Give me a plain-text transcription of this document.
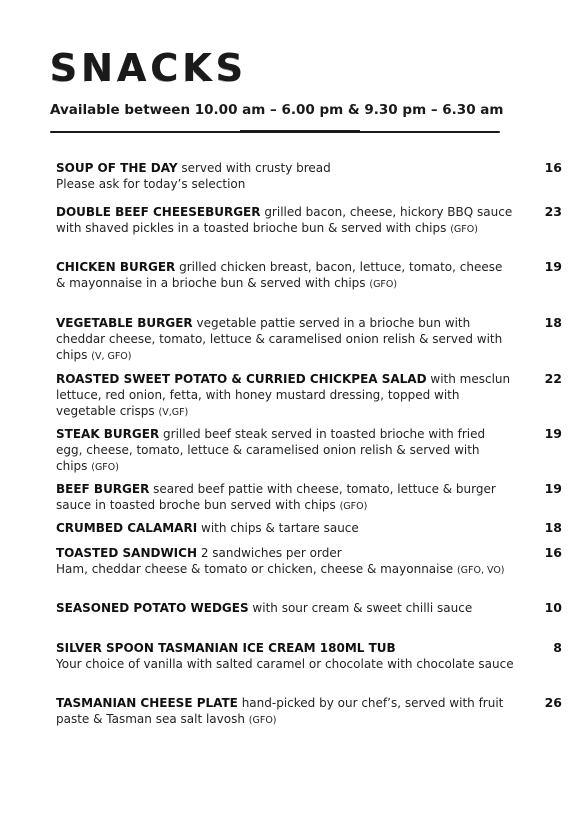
SNACKS
Available between 10.00 am – 6.00 pm & 9.30 pm – 6.30 am
SOUP OF THE DAY served with crusty bread
Please ask for today’s selection
16
DOUBLE BEEF CHEESEBURGER grilled bacon, cheese, hickory BBQ sauce with shaved pickles in a toasted brioche bun & served with chips (GFO)
23
CHICKEN BURGER grilled chicken breast, bacon, lettuce, tomato, cheese & mayonnaise in a brioche bun & served with chips (GFO)
19
VEGETABLE BURGER vegetable pattie served in a brioche bun with cheddar cheese, tomato, lettuce & caramelised onion relish & served with chips (V, GFO)
18
ROASTED SWEET POTATO & CURRIED CHICKPEA SALAD with mesclun lettuce, red onion, fetta, with honey mustard dressing, topped with vegetable crisps (V,GF)
22
STEAK BURGER grilled beef steak served in toasted brioche with fried egg, cheese, tomato, lettuce & caramelised onion relish & served with chips (GFO)
19
BEEF BURGER seared beef pattie with cheese, tomato, lettuce & burger sauce in toasted broche bun served with chips (GFO)
19
CRUMBED CALAMARI with chips & tartare sauce	18
TOASTED SANDWICH 2 sandwiches per order
Ham, cheddar cheese & tomato or chicken, cheese & mayonnaise (GFO, VO)
16
SEASONED POTATO WEDGES with sour cream & sweet chilli sauce	10
SILVER SPOON TASMANIAN ICE CREAM 180ML TUB
Your choice of vanilla with salted caramel or chocolate with chocolate sauce
8
TASMANIAN CHEESE PLATE hand-picked by our chef’s, served with fruit paste & Tasman sea salt lavosh (GFO)
26
